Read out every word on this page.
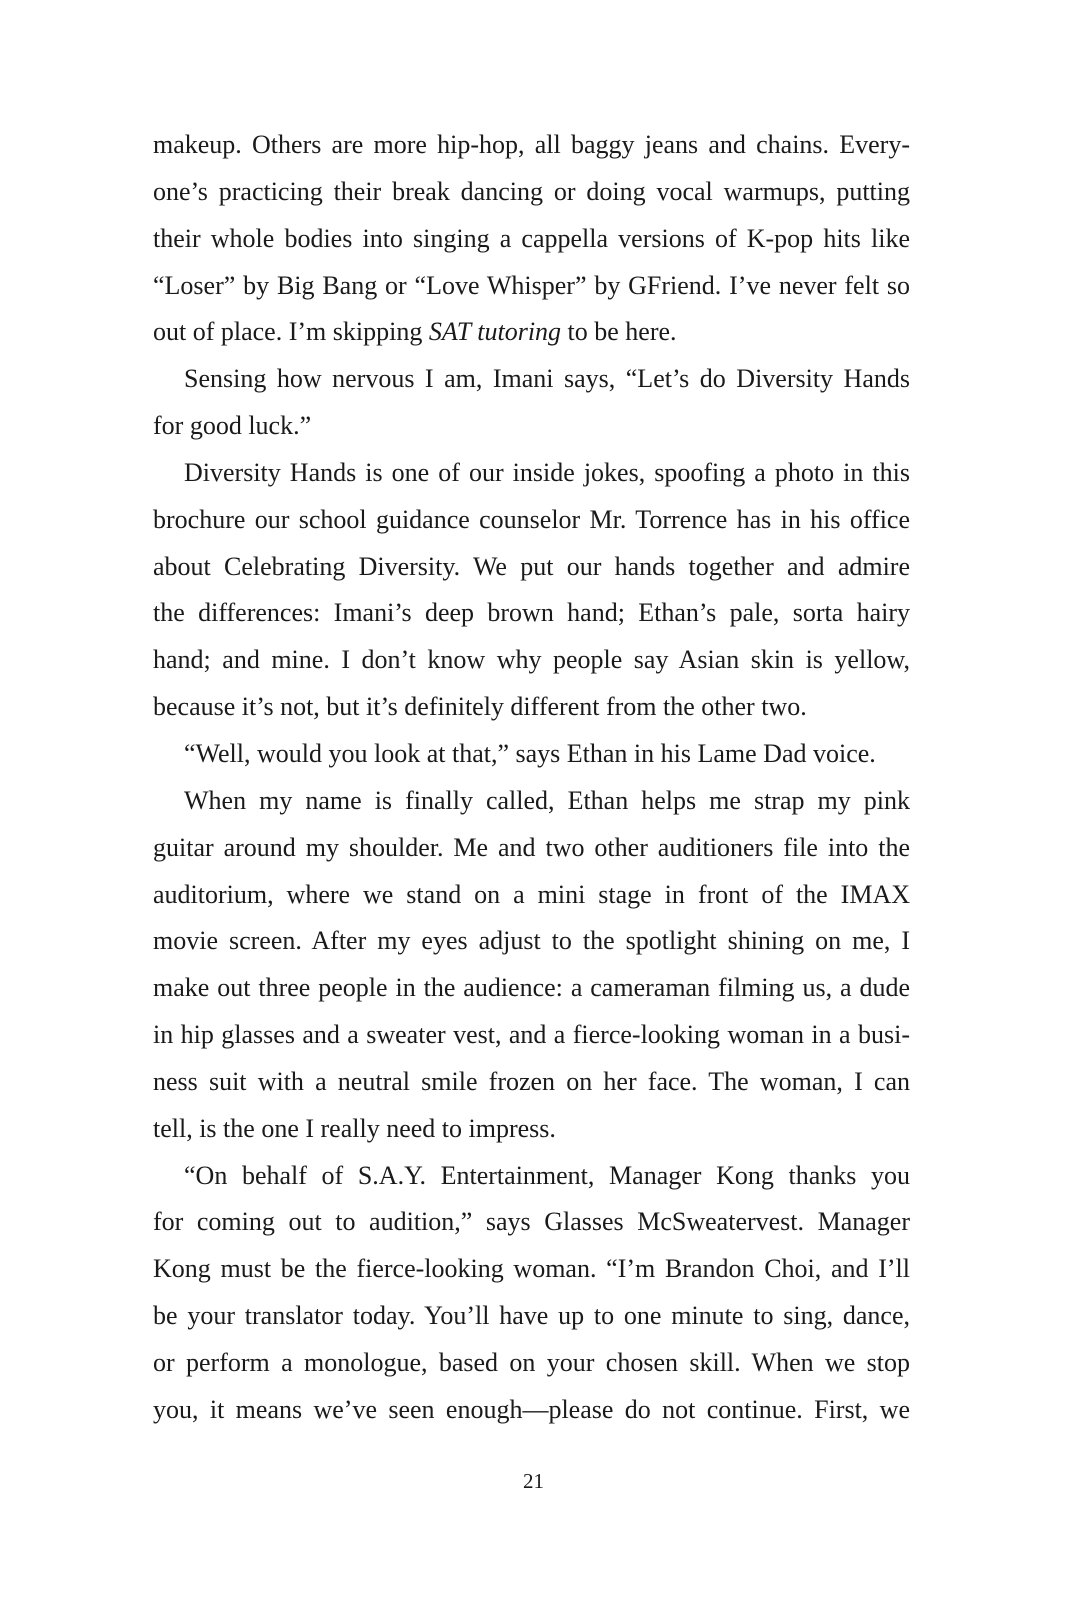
makeup. Others are more hip-hop, all baggy jeans and chains. Every-
one’s practicing their break dancing or doing vocal warmups, putting
their whole bodies into singing a cappella versions of K-pop hits like
“Loser” by Big Bang or “Love Whisper” by GFriend. I’ve never felt so
out of place. I’m skipping SAT tutoring to be here.

Sensing how nervous I am, Imani says, “Let’s do Diversity Hands
for good luck.”

Diversity Hands is one of our inside jokes, spoofing a photo in this
brochure our school guidance counselor Mr. Torrence has in his office
about Celebrating Diversity. We put our hands together and admire
the differences: Imani’s deep brown hand; Ethan’s pale, sorta hairy
hand; and mine. I don’t know why people say Asian skin is yellow,
because it’s not, but it’s definitely different from the other two.

“Well, would you look at that,” says Ethan in his Lame Dad voice.

When my name is finally called, Ethan helps me strap my pink
guitar around my shoulder. Me and two other auditioners file into the
auditorium, where we stand on a mini stage in front of the IMAX
movie screen. After my eyes adjust to the spotlight shining on me, I
make out three people in the audience: a cameraman filming us, a dude
in hip glasses and a sweater vest, and a fierce-looking woman in a busi-
ness suit with a neutral smile frozen on her face. The woman, I can
tell, is the one I really need to impress.

“On behalf of S.A.Y. Entertainment, Manager Kong thanks you
for coming out to audition,” says Glasses McSweatervest. Manager
Kong must be the fierce-looking woman. “I’m Brandon Choi, and I’ll
be your translator today. You’ll have up to one minute to sing, dance,
or perform a monologue, based on your chosen skill. When we stop
you, it means we’ve seen enough—please do not continue. First, we

21
